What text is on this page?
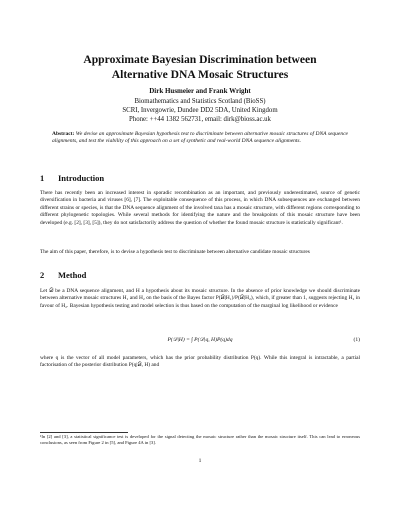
Approximate Bayesian Discrimination between
Alternative DNA Mosaic Structures
Dirk Husmeier and Frank Wright
Biomathematics and Statistics Scotland (BioSS)
SCRI, Invergowrie, Dundee DD2 5DA, United Kingdom
Phone: ++44 1382 562731, email: dirk@bioss.ac.uk
Abstract: We devise an approximate Bayesian hypothesis test to discriminate between alternative mosaic structures of DNA sequence alignments, and test the viability of this approach on a set of synthetic and real-world DNA sequence alignments.
1 Introduction
There has recently been an increased interest in sporadic recombination as an important, and previously underestimated, source of genetic diversification in bacteria and viruses [6], [7]. The exploitable consequence of this process, in which DNA subsequences are exchanged between different strains or species, is that the DNA sequence alignment of the involved taxa has a mosaic structure, with different regions corresponding to different phylogenetic topologies. While several methods for identifying the nature and the breakpoints of this mosaic structure have been developed (e.g. [2], [3], [5]), they do not satisfactorily address the question of whether the found mosaic structure is statistically significant¹.
The aim of this paper, therefore, is to devise a hypothesis test to discriminate between alternative candidate mosaic structures
2 Method
Let 𝒟 be a DNA sequence alignment, and H a hypothesis about its mosaic structure. In the absence of prior knowledge we should discriminate between alternative mosaic structures H₁ and H₂ on the basis of the Bayes factor P(𝒟|H₁)/P(𝒟|H₂), which, if greater than 1, suggests rejecting H₂ in favour of H₂. Bayesian hypothesis testing and model selection is thus based on the computation of the marginal log likelihood or evidence
P(𝒟|H) = ∫ P(𝒟|q, H)P(q)dq	(1)
where q is the vector of all model parameters, which has the prior probability distribution P(q). While this integral is intractable, a partial factorisation of the posterior distribution P(q|𝒟, H) and
¹In [2] and [3], a statistical significance test is developed for the signal detecting the mosaic structure rather than the mosaic structure itself. This can lead to erroneous conclusions, as seen from Figure 2 in [5], and Figure 4A in [3].
1
